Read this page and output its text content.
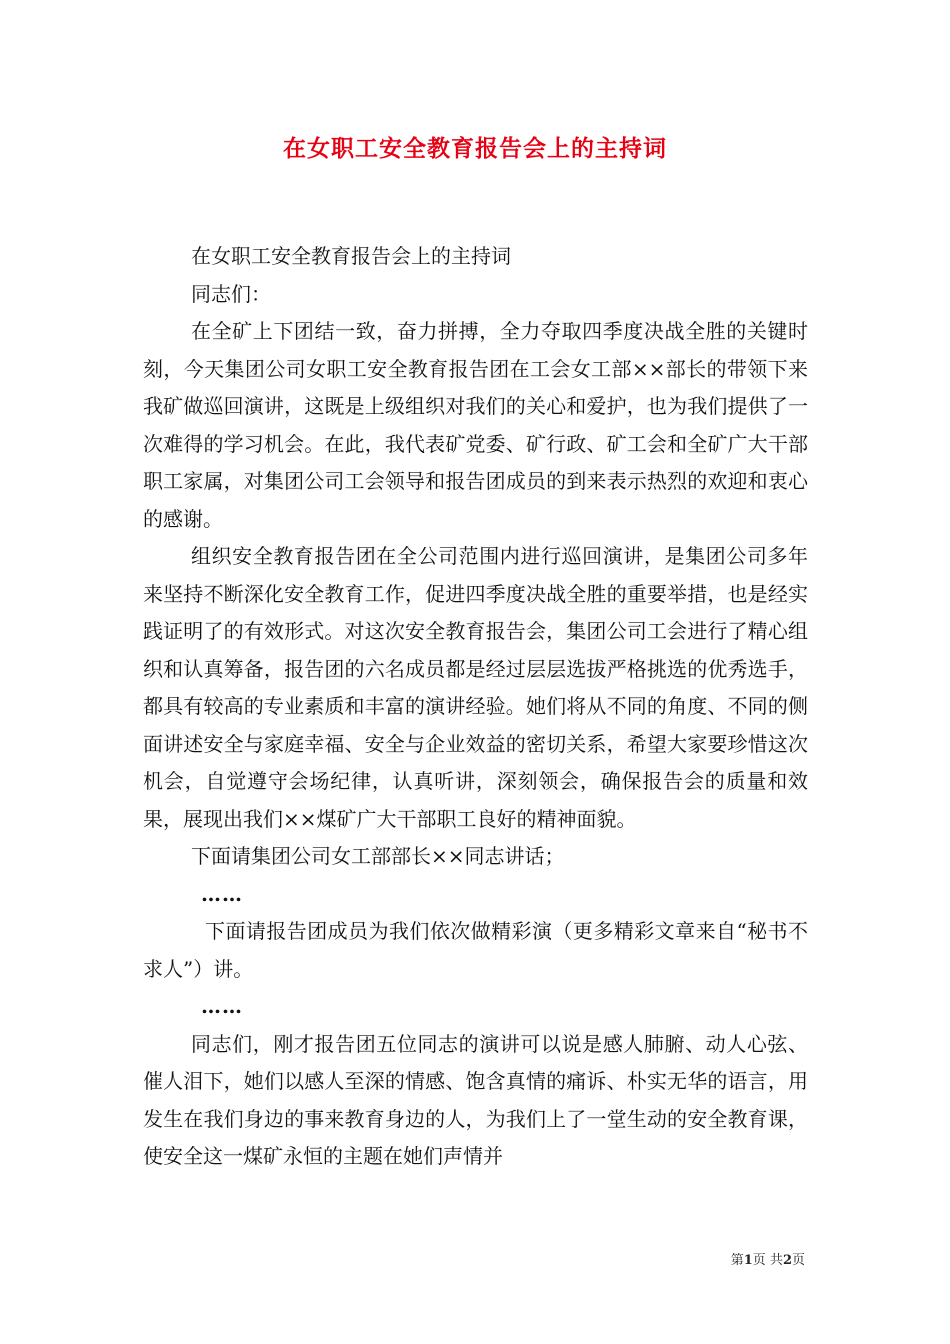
在女职工安全教育报告会上的主持词

在女职工安全教育报告会上的主持词

同志们：

在全矿上下团结一致，奋力拼搏，全力夺取四季度决战全胜的关键时刻，今天集团公司女职工安全教育报告团在工会女工部××部长的带领下来我矿做巡回演讲，这既是上级组织对我们的关心和爱护，也为我们提供了一次难得的学习机会。在此，我代表矿党委、矿行政、矿工会和全矿广大干部职工家属，对集团公司工会领导和报告团成员的到来表示热烈的欢迎和衷心的感谢。

组织安全教育报告团在全公司范围内进行巡回演讲，是集团公司多年来坚持不断深化安全教育工作，促进四季度决战全胜的重要举措，也是经实践证明了的有效形式。对这次安全教育报告会，集团公司工会进行了精心组织和认真筹备，报告团的六名成员都是经过层层选拔严格挑选的优秀选手，都具有较高的专业素质和丰富的演讲经验。她们将从不同的角度、不同的侧面讲述安全与家庭幸福、安全与企业效益的密切关系，希望大家要珍惜这次机会，自觉遵守会场纪律，认真听讲，深刻领会，确保报告会的质量和效果，展现出我们××煤矿广大干部职工良好的精神面貌。

下面请集团公司女工部部长××同志讲话；

……

下面请报告团成员为我们依次做精彩演（更多精彩文章来自“秘书不求人”）讲。

……

同志们，刚才报告团五位同志的演讲可以说是感人肺腑、动人心弦、催人泪下，她们以感人至深的情感、饱含真情的痛诉、朴实无华的语言，用发生在我们身边的事来教育身边的人，为我们上了一堂生动的安全教育课，使安全这一煤矿永恒的主题在她们声情并

第1页 共2页
